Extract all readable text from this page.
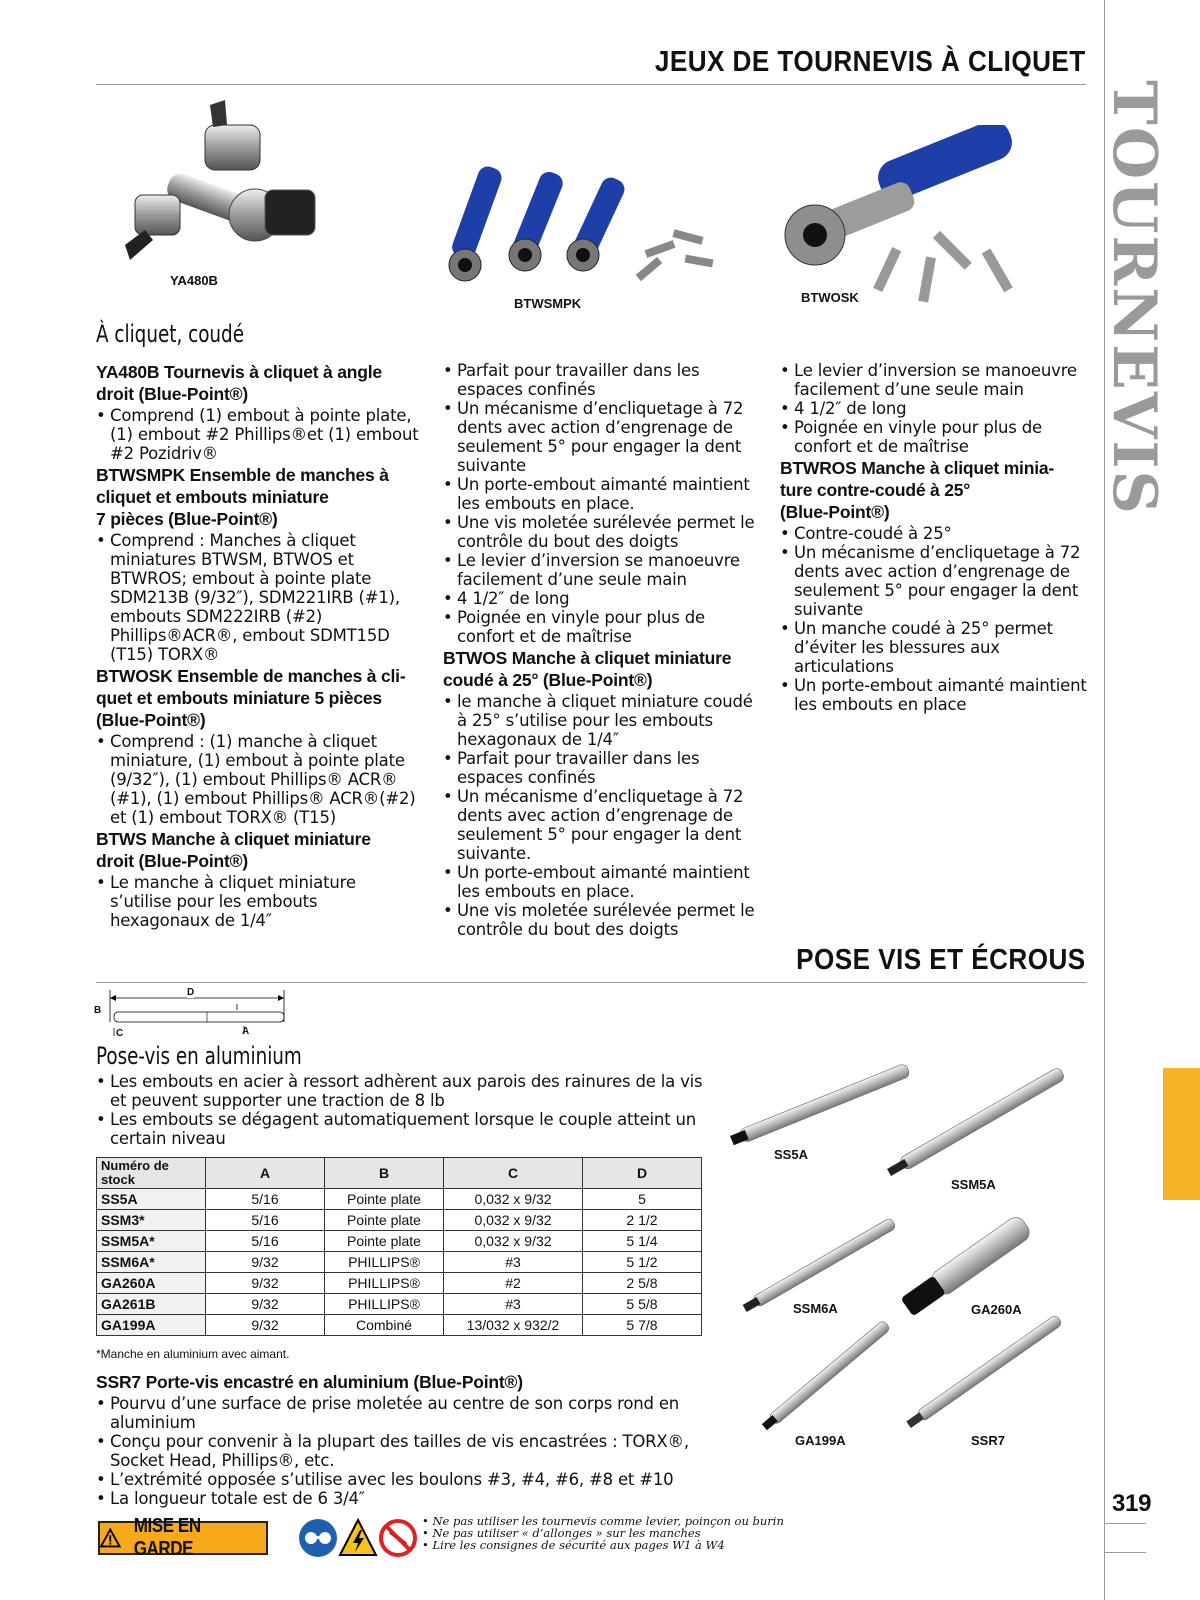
TOURNEVIS
319
JEUX DE TOURNEVIS À CLIQUET
YA480B
BTWSMPK	BTWOSK
À cliquet, coudé
YA480B Tournevis à cliquet à angle
droit (Blue-Point®)
• Comprend (1) embout à pointe plate, (1) embout #2 Phillips®et (1) embout #2 Pozidriv®
BTWSMPK Ensemble de manches à
cliquet et embouts miniature
7 pièces (Blue-Point®)
• Comprend : Manches à cliquet miniatures BTWSM, BTWOS et BTWROS; embout à pointe plate SDM213B (9/32″), SDM221IRB (#1), embouts SDM222IRB (#2) Phillips®ACR®, embout SDMT15D (T15) TORX®
BTWOSK Ensemble de manches à cli-
quet et embouts miniature 5 pièces
(Blue-Point®)
• Comprend : (1) manche à cliquet miniature, (1) embout à pointe plate (9/32″), (1) embout Phillips® ACR® (#1), (1) embout Phillips® ACR®(#2) et (1) embout TORX® (T15)
BTWS Manche à cliquet miniature
droit (Blue-Point®)
• Le manche à cliquet miniature s’utilise pour les embouts hexagonaux de 1/4″
• Parfait pour travailler dans les espaces confinés
• Un mécanisme d’encliquetage à 72 dents avec action d’engrenage de seulement 5° pour engager la dent suivante
• Un porte-embout aimanté maintient les embouts en place.
• Une vis moletée surélevée permet le contrôle du bout des doigts
• Le levier d’inversion se manoeuvre facilement d’une seule main
• 4 1/2″ de long
• Poignée en vinyle pour plus de confort et de maîtrise
BTWOS Manche à cliquet miniature
coudé à 25° (Blue-Point®)
• le manche à cliquet miniature coudé à 25° s’utilise pour les embouts hexagonaux de 1/4″
• Parfait pour travailler dans les espaces confinés
• Un mécanisme d’encliquetage à 72 dents avec action d’engrenage de seulement 5° pour engager la dent suivante.
• Un porte-embout aimanté maintient les embouts en place.
• Une vis moletée surélevée permet le contrôle du bout des doigts
• Le levier d’inversion se manoeuvre facilement d’une seule main
• 4 1/2″ de long
• Poignée en vinyle pour plus de confort et de maîtrise
BTWROS Manche à cliquet minia-
ture contre-coudé à 25°
(Blue-Point®)
• Contre-coudé à 25°
• Un mécanisme d’encliquetage à 72 dents avec action d’engrenage de seulement 5° pour engager la dent suivante
• Un manche coudé à 25° permet d’éviter les blessures aux articulations
• Un porte-embout aimanté maintient les embouts en place
POSE VIS ET ÉCROUS
D
B
C	A
Pose-vis en aluminium
• Les embouts en acier à ressort adhèrent aux parois des rainures de la vis et peuvent supporter une traction de 8 lb
• Les embouts se dégagent automatiquement lorsque le couple atteint un certain niveau
Numéro de stock	A	B	C	D
SS5A	5/16	Pointe plate	0,032 x 9/32	5
SSM3*	5/16	Pointe plate	0,032 x 9/32	2 1/2
SSM5A*	5/16	Pointe plate	0,032 x 9/32	5 1/4
SSM6A*	9/32	PHILLIPS®	#3	5 1/2
GA260A	9/32	PHILLIPS®	#2	2 5/8
GA261B	9/32	PHILLIPS®	#3	5 5/8
GA199A	9/32	Combiné	13/032 x 932/2	5 7/8
*Manche en aluminium avec aimant.
SSR7 Porte-vis encastré en aluminium (Blue-Point®)
• Pourvu d’une surface de prise moletée au centre de son corps rond en aluminium
• Conçu pour convenir à la plupart des tailles de vis encastrées : TORX®, Socket Head, Phillips®, etc.
• L’extrémité opposée s’utilise avec les boulons #3, #4, #6, #8 et #10
• La longueur totale est de 6 3/4″
SS5A
SSM5A
SSM6A	GA260A
GA199A	SSR7
MISE EN GARDE
• Ne pas utiliser les tournevis comme levier, poinçon ou burin
• Ne pas utiliser « d’allonges » sur les manches
• Lire les consignes de sécurité aux pages W1 à W4
